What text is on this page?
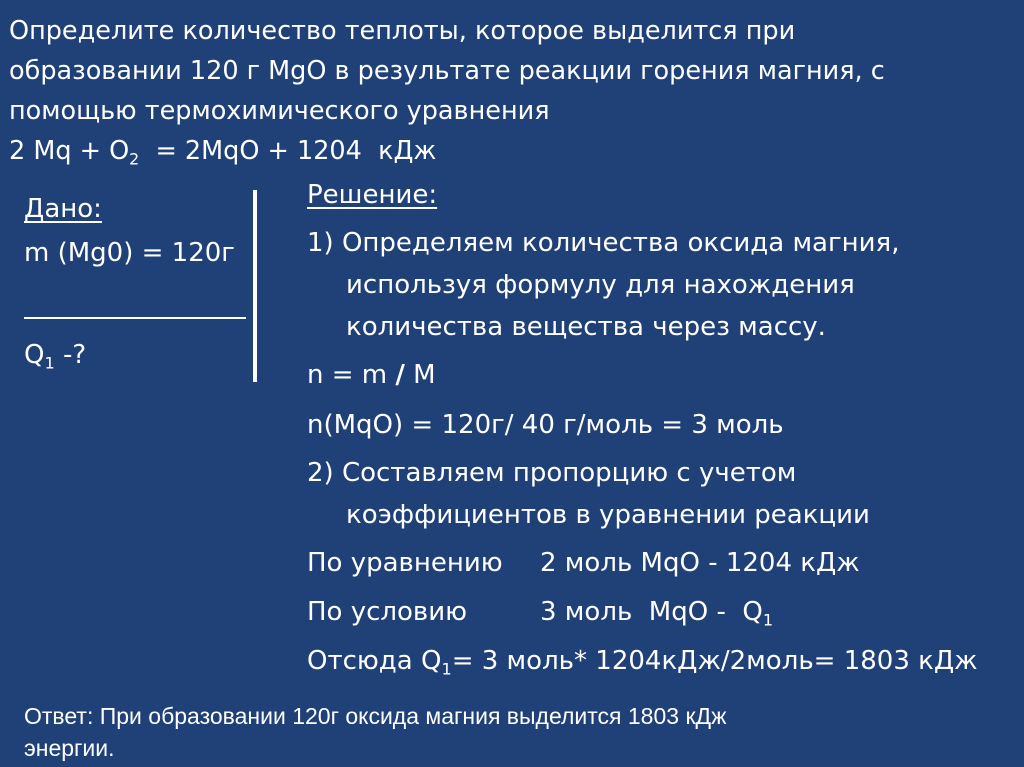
Определите количество теплоты, которое выделится при
образовании 120 г MgO в результате реакции горения магния, с
помощью термохимического уравнения
2 $Mq + O_2 = 2MqO + 1204$  кДж
Дано:
m (Mg0) = 120г
$Q_1$ -?
Решение:
1) Определяем количества оксида магния,
используя формулу для нахождения
количества вещества через массу.
n = m / M
n(MqO) = 120г/ 40 г/моль = 3 моль
2) Составляем пропорцию с учетом
коэффициентов в уравнении реакции
По уравнению 2 моль MqO - 1204 кДж
По условию	3 моль  MqO -  $Q_1$
Отсюда $Q_1= 3$ моль* 1204кДж/2моль= 1803 кДж
Ответ: При образовании 120г оксида магния выделится 1803 кДж
энергии.
